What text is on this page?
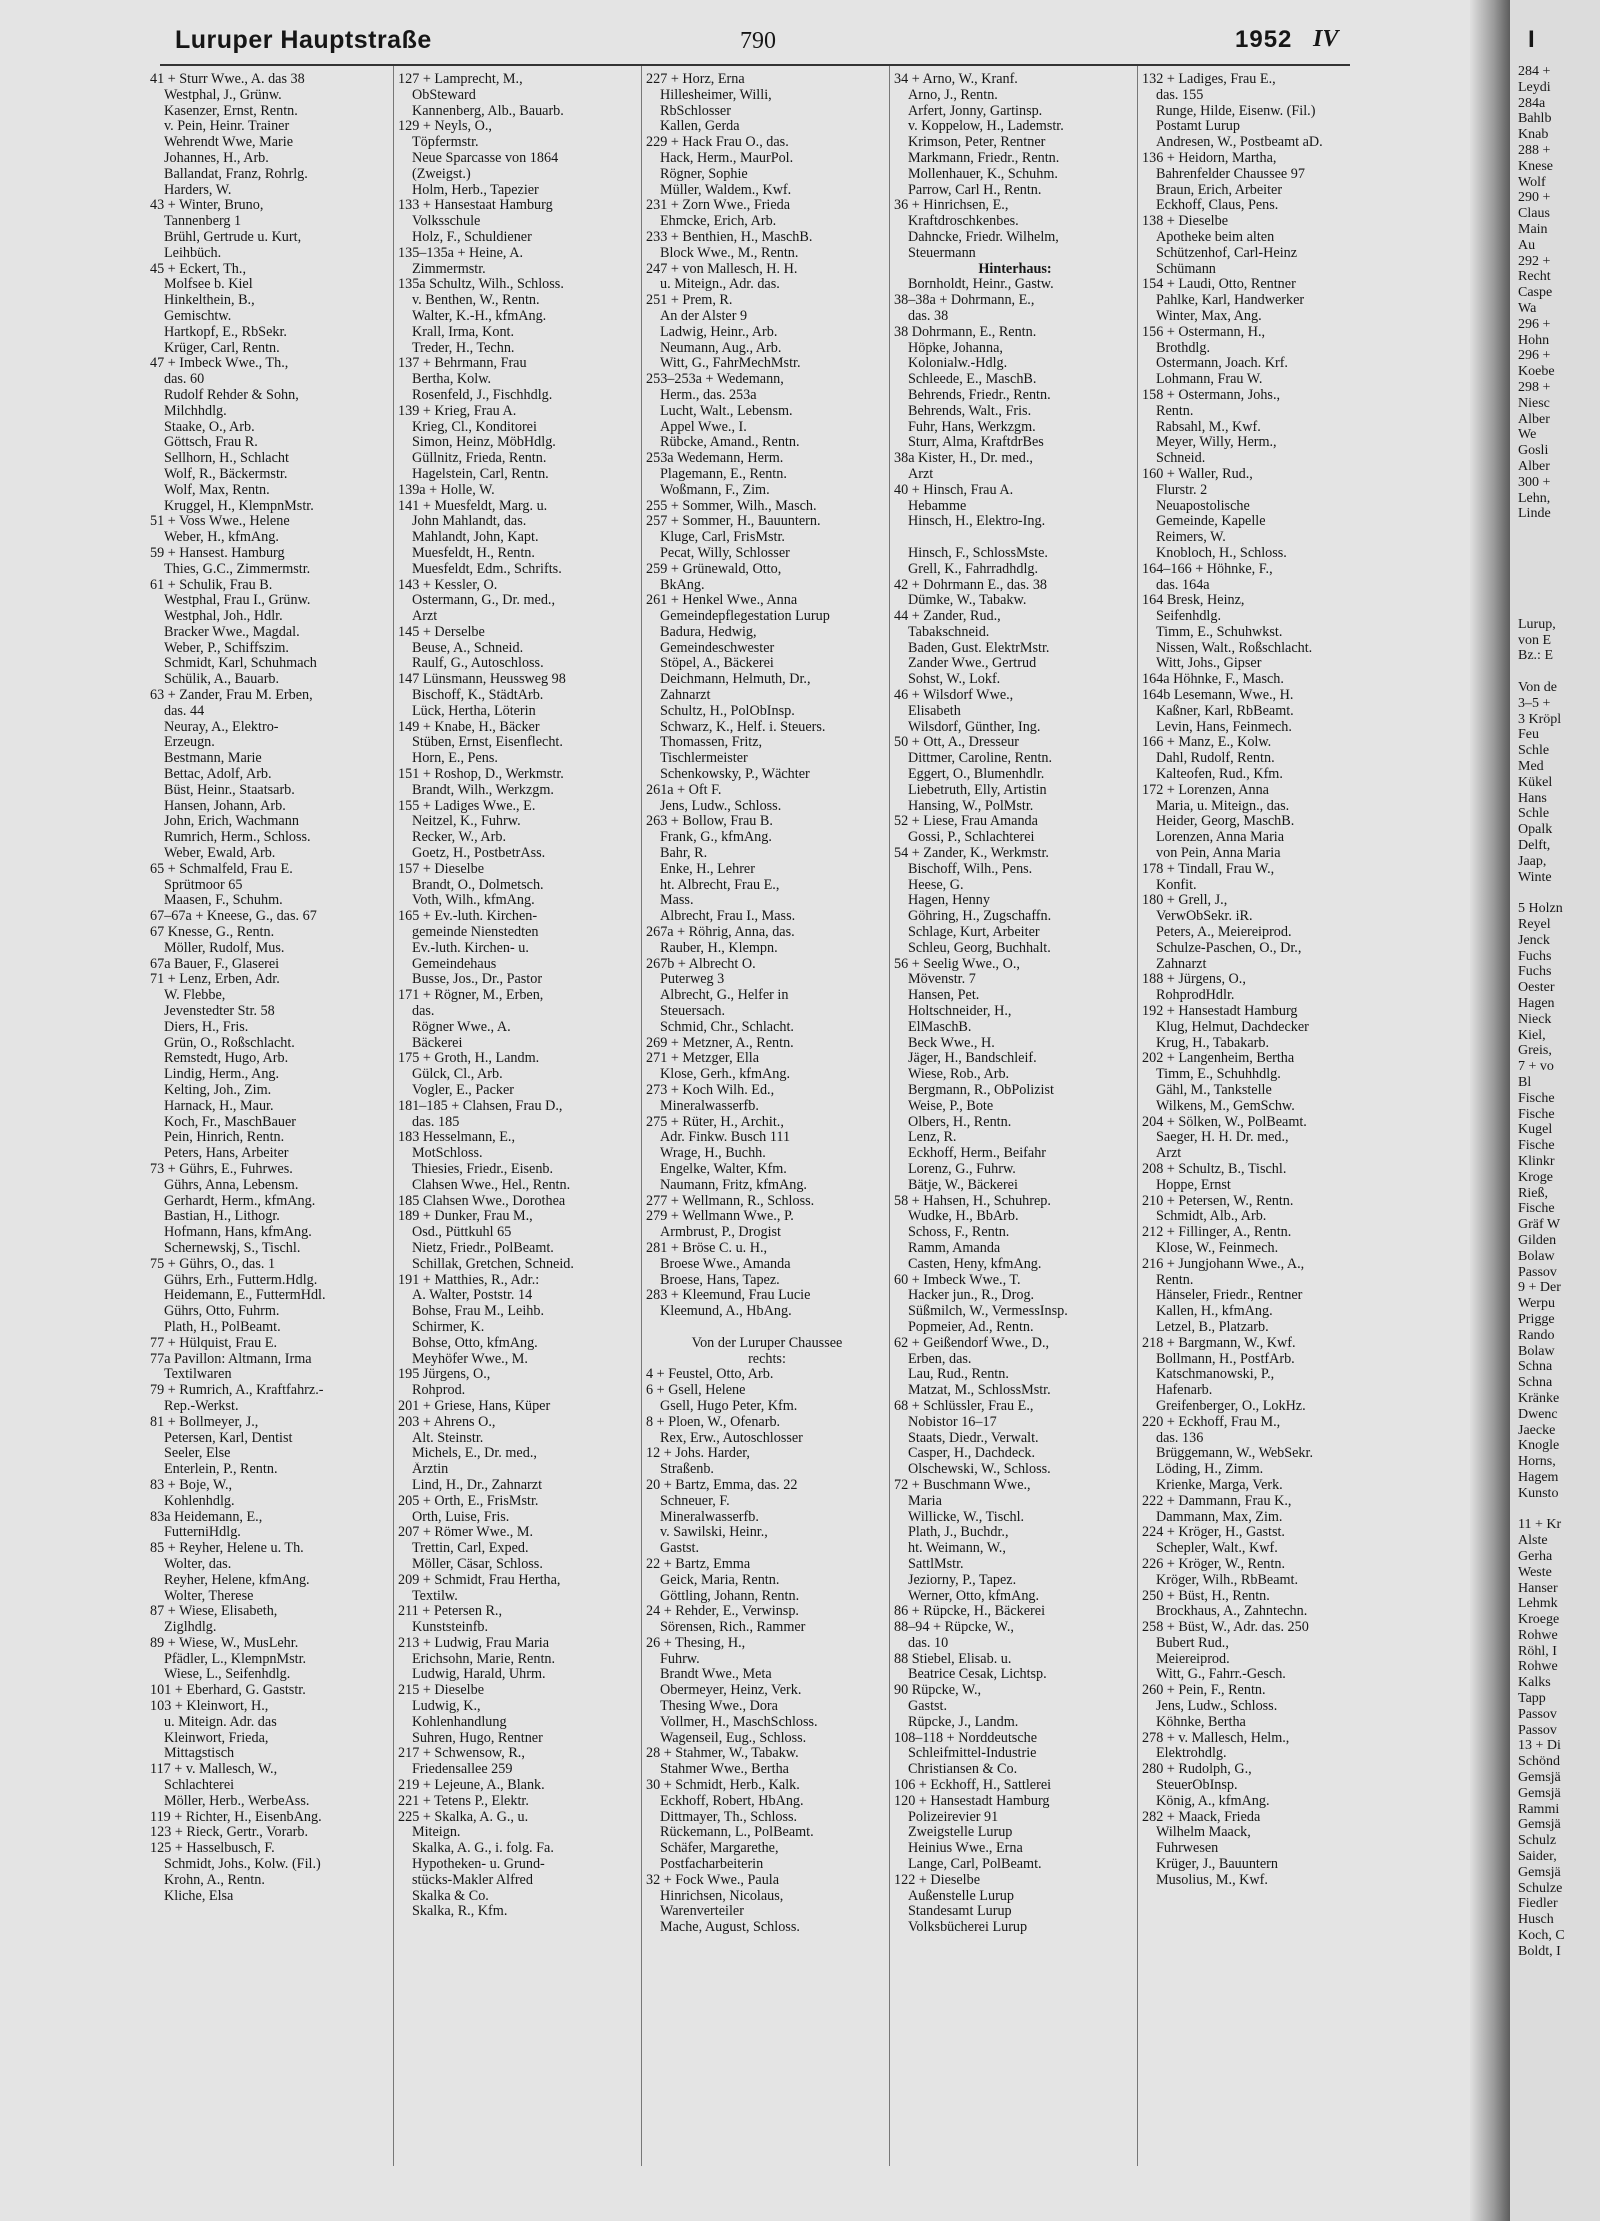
Luruper Hauptstraße	790	1952 IV
41 + Sturr Wwe., A. das 38
Westphal, J., Grünw.
Kasenzer, Ernst, Rentn.
v. Pein, Heinr. Trainer
Wehrendt Wwe, Marie
Johannes, H., Arb.
Ballandat, Franz, Rohrlg.
Harders, W.
43 + Winter, Bruno,
Tannenberg 1
Brühl, Gertrude u. Kurt,
Leihbüch.
45 + Eckert, Th.,
Molfsee b. Kiel
Hinkelthein, B.,
Gemischtw.
Hartkopf, E., RbSekr.
Krüger, Carl, Rentn.
47 + Imbeck Wwe., Th.,
das. 60
Rudolf Rehder & Sohn,
Milchhdlg.
Staake, O., Arb.
Göttsch, Frau R.
Sellhorn, H., Schlacht
Wolf, R., Bäckermstr.
Wolf, Max, Rentn.
Kruggel, H., KlempnMstr.
51 + Voss Wwe., Helene
Weber, H., kfmAng.
59 + Hansest. Hamburg
Thies, G.C., Zimmermstr.
61 + Schulik, Frau B.
Westphal, Frau I., Grünw.
Westphal, Joh., Hdlr.
Bracker Wwe., Magdal.
Weber, P., Schiffszim.
Schmidt, Karl, Schuhmach
Schülik, A., Bauarb.
63 + Zander, Frau M. Erben,
das. 44
Neuray, A., Elektro-
Erzeugn.
Bestmann, Marie
Bettac, Adolf, Arb.
Büst, Heinr., Staatsarb.
Hansen, Johann, Arb.
John, Erich, Wachmann
Rumrich, Herm., Schloss.
Weber, Ewald, Arb.
65 + Schmalfeld, Frau E.
Sprütmoor 65
Maasen, F., Schuhm.
67–67a + Kneese, G., das. 67
67 Knesse, G., Rentn.
Möller, Rudolf, Mus.
67a Bauer, F., Glaserei
71 + Lenz, Erben, Adr.
W. Flebbe,
Jevenstedter Str. 58
Diers, H., Fris.
Grün, O., Roßschlacht.
Remstedt, Hugo, Arb.
Lindig, Herm., Ang.
Kelting, Joh., Zim.
Harnack, H., Maur.
Koch, Fr., MaschBauer
Pein, Hinrich, Rentn.
Peters, Hans, Arbeiter
73 + Gührs, E., Fuhrwes.
Gührs, Anna, Lebensm.
Gerhardt, Herm., kfmAng.
Bastian, H., Lithogr.
Hofmann, Hans, kfmAng.
Schernewskj, S., Tischl.
75 + Gührs, O., das. 1
Gührs, Erh., Futterm.Hdlg.
Heidemann, E., FuttermHdl.
Gührs, Otto, Fuhrm.
Plath, H., PolBeamt.
77 + Hülquist, Frau E.
77a Pavillon: Altmann, Irma
Textilwaren
79 + Rumrich, A., Kraftfahrz.-
Rep.-Werkst.
81 + Bollmeyer, J.,
Petersen, Karl, Dentist
Seeler, Else
Enterlein, P., Rentn.
83 + Boje, W.,
Kohlenhdlg.
83a Heidemann, E.,
FutterniHdlg.
85 + Reyher, Helene u. Th.
Wolter, das.
Reyher, Helene, kfmAng.
Wolter, Therese
87 + Wiese, Elisabeth,
Ziglhdlg.
89 + Wiese, W., MusLehr.
Pfädler, L., KlempnMstr.
Wiese, L., Seifenhdlg.
101 + Eberhard, G. Gaststr.
103 + Kleinwort, H.,
u. Miteign. Adr. das
Kleinwort, Frieda,
Mittagstisch
117 + v. Mallesch, W.,
Schlachterei
Möller, Herb., WerbeAss.
119 + Richter, H., EisenbAng.
123 + Rieck, Gertr., Vorarb.
125 + Hasselbusch, F.
Schmidt, Johs., Kolw. (Fil.)
Krohn, A., Rentn.
Kliche, Elsa
127 + Lamprecht, M.,
ObSteward
Kannenberg, Alb., Bauarb.
129 + Neyls, O.,
Töpfermstr.
Neue Sparcasse von 1864
(Zweigst.)
Holm, Herb., Tapezier
133 + Hansestaat Hamburg
Volksschule
Holz, F., Schuldiener
135–135a + Heine, A.
Zimmermstr.
135a Schultz, Wilh., Schloss.
v. Benthen, W., Rentn.
Walter, K.-H., kfmAng.
Krall, Irma, Kont.
Treder, H., Techn.
137 + Behrmann, Frau
Bertha, Kolw.
Rosenfeld, J., Fischhdlg.
139 + Krieg, Frau A.
Krieg, Cl., Konditorei
Simon, Heinz, MöbHdlg.
Güllnitz, Frieda, Rentn.
Hagelstein, Carl, Rentn.
139a + Holle, W.
141 + Muesfeldt, Marg. u.
John Mahlandt, das.
Mahlandt, John, Kapt.
Muesfeldt, H., Rentn.
Muesfeldt, Edm., Schrifts.
143 + Kessler, O.
Ostermann, G., Dr. med.,
Arzt
145 + Derselbe
Beuse, A., Schneid.
Raulf, G., Autoschloss.
147 Lünsmann, Heussweg 98
Bischoff, K., StädtArb.
Lück, Hertha, Löterin
149 + Knabe, H., Bäcker
Stüben, Ernst, Eisenflecht.
Horn, E., Pens.
151 + Roshop, D., Werkmstr.
Brandt, Wilh., Werkzgm.
155 + Ladiges Wwe., E.
Neitzel, K., Fuhrw.
Recker, W., Arb.
Goetz, H., PostbetrAss.
157 + Dieselbe
Brandt, O., Dolmetsch.
Voth, Wilh., kfmAng.
165 + Ev.-luth. Kirchen-
gemeinde Nienstedten
Ev.-luth. Kirchen- u.
Gemeindehaus
Busse, Jos., Dr., Pastor
171 + Rögner, M., Erben,
das.
Rögner Wwe., A.
Bäckerei
175 + Groth, H., Landm.
Gülck, Cl., Arb.
Vogler, E., Packer
181–185 + Clahsen, Frau D.,
das. 185
183 Hesselmann, E.,
MotSchloss.
Thiesies, Friedr., Eisenb.
Clahsen Wwe., Hel., Rentn.
185 Clahsen Wwe., Dorothea
189 + Dunker, Frau M.,
Osd., Püttkuhl 65
Nietz, Friedr., PolBeamt.
Schillak, Gretchen, Schneid.
191 + Matthies, R., Adr.:
A. Walter, Poststr. 14
Bohse, Frau M., Leihb.
Schirmer, K.
Bohse, Otto, kfmAng.
Meyhöfer Wwe., M.
195 Jürgens, O.,
Rohprod.
201 + Griese, Hans, Küper
203 + Ahrens O.,
Alt. Steinstr.
Michels, E., Dr. med.,
Ärztin
Lind, H., Dr., Zahnarzt
205 + Orth, E., FrisMstr.
Orth, Luise, Fris.
207 + Römer Wwe., M.
Trettin, Carl, Exped.
Möller, Cäsar, Schloss.
209 + Schmidt, Frau Hertha,
Textilw.
211 + Petersen R.,
Kunststeinfb.
213 + Ludwig, Frau Maria
Erichsohn, Marie, Rentn.
Ludwig, Harald, Uhrm.
215 + Dieselbe
Ludwig, K.,
Kohlenhandlung
Suhren, Hugo, Rentner
217 + Schwensow, R.,
Friedensallee 259
219 + Lejeune, A., Blank.
221 + Tetens P., Elektr.
225 + Skalka, A. G., u.
Miteign.
Skalka, A. G., i. folg. Fa.
Hypotheken- u. Grund-
stücks-Makler Alfred
Skalka & Co.
Skalka, R., Kfm.
227 + Horz, Erna
Hillesheimer, Willi,
RbSchlosser
Kallen, Gerda
229 + Hack Frau O., das.
Hack, Herm., MaurPol.
Rögner, Sophie
Müller, Waldem., Kwf.
231 + Zorn Wwe., Frieda
Ehmcke, Erich, Arb.
233 + Benthien, H., MaschB.
Block Wwe., M., Rentn.
247 + von Mallesch, H. H.
u. Miteign., Adr. das.
251 + Prem, R.
An der Alster 9
Ladwig, Heinr., Arb.
Neumann, Aug., Arb.
Witt, G., FahrMechMstr.
253–253a + Wedemann,
Herm., das. 253a
Lucht, Walt., Lebensm.
Appel Wwe., I.
Rübcke, Amand., Rentn.
253a Wedemann, Herm.
Plagemann, E., Rentn.
Woßmann, F., Zim.
255 + Sommer, Wilh., Masch.
257 + Sommer, H., Bauuntern.
Kluge, Carl, FrisMstr.
Pecat, Willy, Schlosser
259 + Grünewald, Otto,
BkAng.
261 + Henkel Wwe., Anna
Gemeindepflegestation Lurup
Badura, Hedwig,
Gemeindeschwester
Stöpel, A., Bäckerei
Deichmann, Helmuth, Dr.,
Zahnarzt
Schultz, H., PolObInsp.
Schwarz, K., Helf. i. Steuers.
Thomassen, Fritz,
Tischlermeister
Schenkowsky, P., Wächter
261a + Oft F.
Jens, Ludw., Schloss.
263 + Bollow, Frau B.
Frank, G., kfmAng.
Bahr, R.
Enke, H., Lehrer
ht. Albrecht, Frau E.,
Mass.
Albrecht, Frau I., Mass.
267a + Röhrig, Anna, das.
Rauber, H., Klempn.
267b + Albrecht O.
Puterweg 3
Albrecht, G., Helfer in
Steuersach.
Schmid, Chr., Schlacht.
269 + Metzner, A., Rentn.
271 + Metzger, Ella
Klose, Gerh., kfmAng.
273 + Koch Wilh. Ed.,
Mineralwasserfb.
275 + Rüter, H., Archit.,
Adr. Finkw. Busch 111
Wrage, H., Buchh.
Engelke, Walter, Kfm.
Naumann, Fritz, kfmAng.
277 + Wellmann, R., Schloss.
279 + Wellmann Wwe., P.
Armbrust, P., Drogist
281 + Bröse C. u. H.,
Broese Wwe., Amanda
Broese, Hans, Tapez.
283 + Kleemund, Frau Lucie
Kleemund, A., HbAng.

Von der Luruper Chaussee
rechts:
4 + Feustel, Otto, Arb.
6 + Gsell, Helene
Gsell, Hugo Peter, Kfm.
8 + Ploen, W., Ofenarb.
Rex, Erw., Autoschlosser
12 + Johs. Harder,
Straßenb.
20 + Bartz, Emma, das. 22
Schneuer, F.
Mineralwasserfb.
v. Sawilski, Heinr.,
Gastst.
22 + Bartz, Emma
Geick, Maria, Rentn.
Göttling, Johann, Rentn.
24 + Rehder, E., Verwinsp.
Sörensen, Rich., Rammer
26 + Thesing, H.,
Fuhrw.
Brandt Wwe., Meta
Obermeyer, Heinz, Verk.
Thesing Wwe., Dora
Vollmer, H., MaschSchloss.
Wagenseil, Eug., Schloss.
28 + Stahmer, W., Tabakw.
Stahmer Wwe., Bertha
30 + Schmidt, Herb., Kalk.
Eckhoff, Robert, HbAng.
Dittmayer, Th., Schloss.
Rückemann, L., PolBeamt.
Schäfer, Margarethe,
Postfacharbeiterin
32 + Fock Wwe., Paula
Hinrichsen, Nicolaus,
Warenverteiler
Mache, August, Schloss.
34 + Arno, W., Kranf.
Arno, J., Rentn.
Arfert, Jonny, Gartinsp.
v. Koppelow, H., Lademstr.
Krimson, Peter, Rentner
Markmann, Friedr., Rentn.
Mollenhauer, K., Schuhm.
Parrow, Carl H., Rentn.
36 + Hinrichsen, E.,
Kraftdroschkenbes.
Dahncke, Friedr. Wilhelm,
Steuermann
Hinterhaus:
Bornholdt, Heinr., Gastw.
38–38a + Dohrmann, E.,
das. 38
38 Dohrmann, E., Rentn.
Höpke, Johanna,
Kolonialw.-Hdlg.
Schleede, E., MaschB.
Behrends, Friedr., Rentn.
Behrends, Walt., Fris.
Fuhr, Hans, Werkzgm.
Sturr, Alma, KraftdrBes
38a Kister, H., Dr. med.,
Arzt
40 + Hinsch, Frau A.
Hebamme
Hinsch, H., Elektro-Ing.

Hinsch, F., SchlossMste.
Grell, K., Fahrradhdlg.
42 + Dohrmann E., das. 38
Dümke, W., Tabakw.
44 + Zander, Rud.,
Tabakschneid.
Baden, Gust. ElektrMstr.
Zander Wwe., Gertrud
Sohst, W., Lokf.
46 + Wilsdorf Wwe.,
Elisabeth
Wilsdorf, Günther, Ing.
50 + Ott, A., Dresseur
Dittmer, Caroline, Rentn.
Eggert, O., Blumenhdlr.
Liebetruth, Elly, Artistin
Hansing, W., PolMstr.
52 + Liese, Frau Amanda
Gossi, P., Schlachterei
54 + Zander, K., Werkmstr.
Bischoff, Wilh., Pens.
Heese, G.
Hagen, Henny
Göhring, H., Zugschaffn.
Schlage, Kurt, Arbeiter
Schleu, Georg, Buchhalt.
56 + Seelig Wwe., O.,
Mövenstr. 7
Hansen, Pet.
Holtschneider, H.,
ElMaschB.
Beck Wwe., H.
Jäger, H., Bandschleif.
Wiese, Rob., Arb.
Bergmann, R., ObPolizist
Weise, P., Bote
Olbers, H., Rentn.
Lenz, R.
Eckhoff, Herm., Beifahr
Lorenz, G., Fuhrw.
Bätje, W., Bäckerei
58 + Hahsen, H., Schuhrep.
Wudke, H., BbArb.
Schoss, F., Rentn.
Ramm, Amanda
Casten, Heny, kfmAng.
60 + Imbeck Wwe., T.
Hacker jun., R., Drog.
Süßmilch, W., VermessInsp.
Popmeier, Ad., Rentn.
62 + Geißendorf Wwe., D.,
Erben, das.
Lau, Rud., Rentn.
Matzat, M., SchlossMstr.
68 + Schlüssler, Frau E.,
Nobistor 16–17
Staats, Diedr., Verwalt.
Casper, H., Dachdeck.
Olschewski, W., Schloss.
72 + Buschmann Wwe.,
Maria
Willicke, W., Tischl.
Plath, J., Buchdr.,
ht. Weimann, W.,
SattlMstr.
Jeziorny, P., Tapez.
Werner, Otto, kfmAng.
86 + Rüpcke, H., Bäckerei
88–94 + Rüpcke, W.,
das. 10
88 Stiebel, Elisab. u.
Beatrice Cesak, Lichtsp.
90 Rüpcke, W.,
Gastst.
Rüpcke, J., Landm.
108–118 + Norddeutsche
Schleifmittel-Industrie
Christiansen & Co.
106 + Eckhoff, H., Sattlerei
120 + Hansestadt Hamburg
Polizeirevier 91
Zweigstelle Lurup
Heinius Wwe., Erna
Lange, Carl, PolBeamt.
122 + Dieselbe
Außenstelle Lurup
Standesamt Lurup
Volksbücherei Lurup
132 + Ladiges, Frau E.,
das. 155
Runge, Hilde, Eisenw. (Fil.)
Postamt Lurup
Andresen, W., Postbeamt aD.
136 + Heidorn, Martha,
Bahrenfelder Chaussee 97
Braun, Erich, Arbeiter
Eckhoff, Claus, Pens.
138 + Dieselbe
Apotheke beim alten
Schützenhof, Carl-Heinz
Schümann
154 + Laudi, Otto, Rentner
Pahlke, Karl, Handwerker
Winter, Max, Ang.
156 + Ostermann, H.,
Brothdlg.
Ostermann, Joach. Krf.
Lohmann, Frau W.
158 + Ostermann, Johs.,
Rentn.
Rabsahl, M., Kwf.
Meyer, Willy, Herm.,
Schneid.
160 + Waller, Rud.,
Flurstr. 2
Neuapostolische
Gemeinde, Kapelle
Reimers, W.
Knobloch, H., Schloss.
164–166 + Höhnke, F.,
das. 164a
164 Bresk, Heinz,
Seifenhdlg.
Timm, E., Schuhwkst.
Nissen, Walt., Roßschlacht.
Witt, Johs., Gipser
164a Höhnke, F., Masch.
164b Lesemann, Wwe., H.
Kaßner, Karl, RbBeamt.
Levin, Hans, Feinmech.
166 + Manz, E., Kolw.
Dahl, Rudolf, Rentn.
Kalteofen, Rud., Kfm.
172 + Lorenzen, Anna
Maria, u. Miteign., das.
Heider, Georg, MaschB.
Lorenzen, Anna Maria
von Pein, Anna Maria
178 + Tindall, Frau W.,
Konfit.
180 + Grell, J.,
VerwObSekr. iR.
Peters, A., Meiereiprod.
Schulze-Paschen, O., Dr.,
Zahnarzt
188 + Jürgens, O.,
RohprodHdlr.
192 + Hansestadt Hamburg
Klug, Helmut, Dachdecker
Krug, H., Tabakarb.
202 + Langenheim, Bertha
Timm, E., Schuhhdlg.
Gähl, M., Tankstelle
Wilkens, M., GemSchw.
204 + Sölken, W., PolBeamt.
Saeger, H. H. Dr. med.,
Arzt
208 + Schultz, B., Tischl.
Hoppe, Ernst
210 + Petersen, W., Rentn.
Schmidt, Alb., Arb.
212 + Fillinger, A., Rentn.
Klose, W., Feinmech.
216 + Jungjohann Wwe., A.,
Rentn.
Hänseler, Friedr., Rentner
Kallen, H., kfmAng.
Letzel, B., Platzarb.
218 + Bargmann, W., Kwf.
Bollmann, H., PostfArb.
Katschmanowski, P.,
Hafenarb.
Greifenberger, O., LokHz.
220 + Eckhoff, Frau M.,
das. 136
Brüggemann, W., WebSekr.
Löding, H., Zimm.
Krienke, Marga, Verk.
222 + Dammann, Frau K.,
Dammann, Max, Zim.
224 + Kröger, H., Gastst.
Schepler, Walt., Kwf.
226 + Kröger, W., Rentn.
Kröger, Wilh., RbBeamt.
250 + Büst, H., Rentn.
Brockhaus, A., Zahntechn.
258 + Büst, W., Adr. das. 250
Bubert Rud.,
Meiereiprod.
Witt, G., Fahrr.-Gesch.
260 + Pein, F., Rentn.
Jens, Ludw., Schloss.
Köhnke, Bertha
278 + v. Mallesch, Helm.,
Elektrohdlg.
280 + Rudolph, G.,
SteuerObInsp.
König, A., kfmAng.
282 + Maack, Frieda
Wilhelm Maack,
Fuhrwesen
Krüger, J., Bauuntern
Musolius, M., Kwf.
I
284 +
Leydi
284a
Bahlb
Knab
288 +
Knese
Wolf
290 +
Claus
Main
Au
292 +
Recht
Caspe
Wa
296 +
Hohn
296 +
Koebe
298 +
Niesc
Alber
We
Gosli
Alber
300 +
Lehn,
Linde

Lurup,
von E
Bz.: E

Von de
3–5 +
3 Kröpl
Feu
Schle
Med
Kükel
Hans
Schle
Opalk
Delft,
Jaap,
Winte

5 Holzn
Reyel
Jenck
Fuchs
Fuchs
Oester
Hagen
Nieck
Kiel,
Greis,
7 + vo
Bl
Fische
Fische
Kugel
Fische
Klinkr
Kroge
Rieß,
Fische
Gräf W
Gilden
Bolaw
Passov
9 + Der
Werpu
Prigge
Rando
Bolaw
Schna
Schna
Kränke
Dwenc
Jaecke
Knogle
Horns,
Hagem
Kunsto

11 + Kr
Alste
Gerha
Weste
Hanser
Lehmk
Kroege
Rohwe
Röhl, I
Rohwe
Kalks
Tapp
Passov
Passov
13 + Di
Schönd
Gemsjä
Gemsjä
Rammi
Gemsjä
Schulz
Saider,
Gemsjä
Schulze
Fiedler
Husch
Koch, C
Boldt, I
